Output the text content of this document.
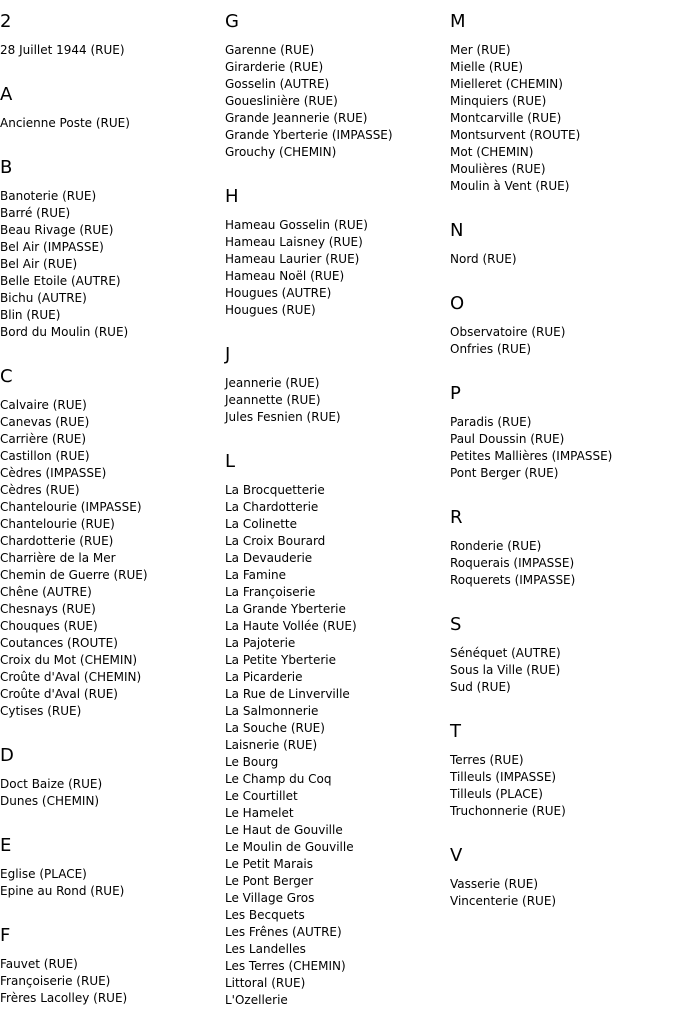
2
28 Juillet 1944 (RUE)
A
Ancienne Poste (RUE)
B
Banoterie (RUE)
Barré (RUE)
Beau Rivage (RUE)
Bel Air (IMPASSE)
Bel Air (RUE)
Belle Etoile (AUTRE)
Bichu (AUTRE)
Blin (RUE)
Bord du Moulin (RUE)
C
Calvaire (RUE)
Canevas (RUE)
Carrière (RUE)
Castillon (RUE)
Cèdres (IMPASSE)
Cèdres (RUE)
Chantelourie (IMPASSE)
Chantelourie (RUE)
Chardotterie (RUE)
Charrière de la Mer
Chemin de Guerre (RUE)
Chêne (AUTRE)
Chesnays (RUE)
Chouques (RUE)
Coutances (ROUTE)
Croix du Mot (CHEMIN)
Croûte d'Aval (CHEMIN)
Croûte d'Aval (RUE)
Cytises (RUE)
D
Doct Baize (RUE)
Dunes (CHEMIN)
E
Eglise (PLACE)
Epine au Rond (RUE)
F
Fauvet (RUE)
Françoiserie (RUE)
Frères Lacolley (RUE)
G
Garenne (RUE)
Girarderie (RUE)
Gosselin (AUTRE)
Goueslinière (RUE)
Grande Jeannerie (RUE)
Grande Yberterie (IMPASSE)
Grouchy (CHEMIN)
H
Hameau Gosselin (RUE)
Hameau Laisney (RUE)
Hameau Laurier (RUE)
Hameau Noël (RUE)
Hougues (AUTRE)
Hougues (RUE)
J
Jeannerie (RUE)
Jeannette (RUE)
Jules Fesnien (RUE)
L
La Brocquetterie
La Chardotterie
La Colinette
La Croix Bourard
La Devauderie
La Famine
La Françoiserie
La Grande Yberterie
La Haute Vollée (RUE)
La Pajoterie
La Petite Yberterie
La Picarderie
La Rue de Linverville
La Salmonnerie
La Souche (RUE)
Laisnerie (RUE)
Le Bourg
Le Champ du Coq
Le Courtillet
Le Hamelet
Le Haut de Gouville
Le Moulin de Gouville
Le Petit Marais
Le Pont Berger
Le Village Gros
Les Becquets
Les Frênes (AUTRE)
Les Landelles
Les Terres (CHEMIN)
Littoral (RUE)
L'Ozellerie
M
Mer (RUE)
Mielle (RUE)
Mielleret (CHEMIN)
Minquiers (RUE)
Montcarville (RUE)
Montsurvent (ROUTE)
Mot (CHEMIN)
Moulières (RUE)
Moulin à Vent (RUE)
N
Nord (RUE)
O
Observatoire (RUE)
Onfries (RUE)
P
Paradis (RUE)
Paul Doussin (RUE)
Petites Mallières (IMPASSE)
Pont Berger (RUE)
R
Ronderie (RUE)
Roquerais (IMPASSE)
Roquerets (IMPASSE)
S
Sénéquet (AUTRE)
Sous la Ville (RUE)
Sud (RUE)
T
Terres (RUE)
Tilleuls (IMPASSE)
Tilleuls (PLACE)
Truchonnerie (RUE)
V
Vasserie (RUE)
Vincenterie (RUE)
